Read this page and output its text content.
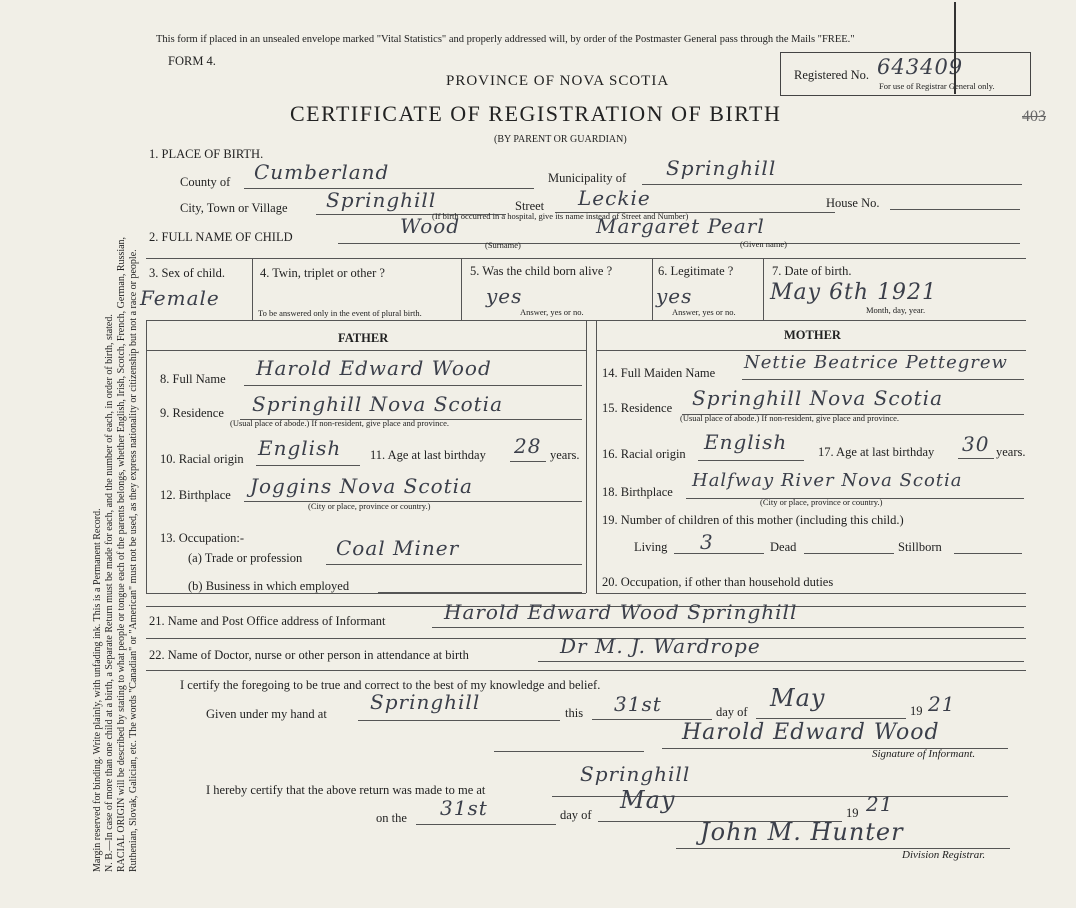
Margin reserved for binding. Write plainly, with unfading ink. This is a Permanent Record. N. B.—In case of more than one child at a birth, a Separate Return must be made for each, and the number of each, in order of birth, stated. RACIAL ORIGIN will be described by stating to what people or tongue each of the parents belongs, whether English, Irish, Scotch, French, German, Russian, Ruthenian, Slovak, Galician, etc. The words "Canadian" or "American" must not be used, as they express nationality or citizenship but not a race or people.
This form if placed in an unsealed envelope marked "Vital Statistics" and properly addressed will, by order of the Postmaster General pass through the Mails "FREE."
FORM 4.
PROVINCE OF NOVA SCOTIA
CERTIFICATE OF REGISTRATION OF BIRTH
(BY PARENT OR GUARDIAN)
Registered No. 643409
For use of Registrar General only.
403
1. PLACE OF BIRTH.
County of Cumberland	Municipality of Springhill
City, Town or Village Springhill	Street Leckie	House No.
(If birth occurred in a hospital, give its name instead of Street and Number)
2. FULL NAME OF CHILD	Wood	Margaret Pearl
(Surname)	(Given name)
3. Sex of child.
Female
4. Twin, triplet or other ?
To be answered only in the event of plural birth.
5. Was the child born alive ?
yes
Answer, yes or no.
6. Legitimate ?
yes
Answer, yes or no.
7. Date of birth.
May 6th 1921
Month, day, year.
FATHER	MOTHER
8. Full Name Harold Edward Wood
9. Residence Springhill Nova Scotia
(Usual place of abode.) If non-resident, give place and province.
10. Racial origin English 11. Age at last birthday 28 years.
12. Birthplace Joggins Nova Scotia
(City or place, province or country.)
13. Occupation:-
(a) Trade or profession Coal Miner
(b) Business in which employed
14. Full Maiden Name Nettie Beatrice Pettegrew
15. Residence Springhill Nova Scotia
(Usual place of abode.) If non-resident, give place and province.
16. Racial origin English 17. Age at last birthday 30 years.
18. Birthplace
Halfway River Nova Scotia
(City or place, province or country.)
19. Number of children of this mother (including this child.)
Living 3	Dead	Stillborn
20. Occupation, if other than household duties
21. Name and Post Office address of Informant	Harold Edward Wood Springhill
22. Name of Doctor, nurse or other person in attendance at birth	Dr M. J. Wardrope
I certify the foregoing to be true and correct to the best of my knowledge and belief.
Given under my hand at Springhill	this 31st	day of May	19 21
Harold Edward Wood
Signature of Informant.
I hereby certify that the above return was made to me at
Springhill
on the 31st	day of
May	19 21
John M. Hunter
Division Registrar.
